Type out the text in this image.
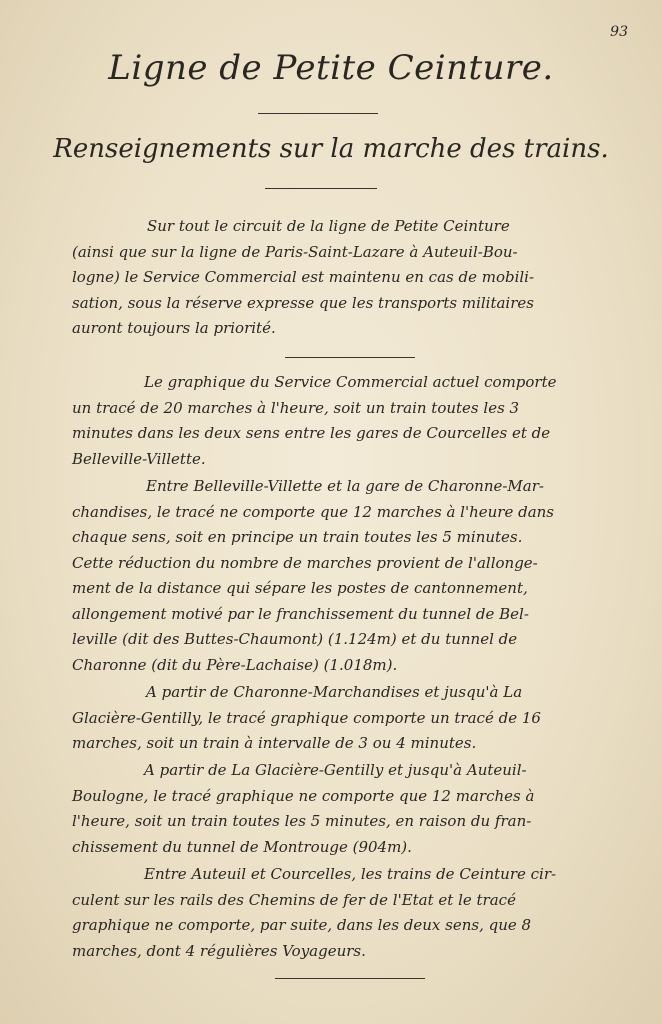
93
Ligne de Petite Ceinture.
Renseignements sur la marche des trains.
Sur tout le circuit de la ligne de Petite Ceinture
(ainsi que sur la ligne de Paris-Saint-Lazare à Auteuil-Bou-
logne) le Service Commercial est maintenu en cas de mobili-
sation, sous la réserve expresse que les transports militaires
auront toujours la priorité.
Le graphique du Service Commercial actuel comporte
un tracé de 20 marches à l'heure, soit un train toutes les 3
minutes dans les deux sens entre les gares de Courcelles et de
Belleville-Villette.
Entre Belleville-Villette et la gare de Charonne-Mar-
chandises, le tracé ne comporte que 12 marches à l'heure dans
chaque sens, soit en principe un train toutes les 5 minutes.
Cette réduction du nombre de marches provient de l'allonge-
ment de la distance qui sépare les postes de cantonnement,
allongement motivé par le franchissement du tunnel de Bel-
leville (dit des Buttes-Chaumont) (1.124m) et du tunnel de
Charonne (dit du Père-Lachaise) (1.018m).
A partir de Charonne-Marchandises et jusqu'à La
Glacière-Gentilly, le tracé graphique comporte un tracé de 16
marches, soit un train à intervalle de 3 ou 4 minutes.
A partir de La Glacière-Gentilly et jusqu'à Auteuil-
Boulogne, le tracé graphique ne comporte que 12 marches à
l'heure, soit un train toutes les 5 minutes, en raison du fran-
chissement du tunnel de Montrouge (904m).
Entre Auteuil et Courcelles, les trains de Ceinture cir-
culent sur les rails des Chemins de fer de l'Etat et le tracé
graphique ne comporte, par suite, dans les deux sens, que 8
marches, dont 4 régulières Voyageurs.
